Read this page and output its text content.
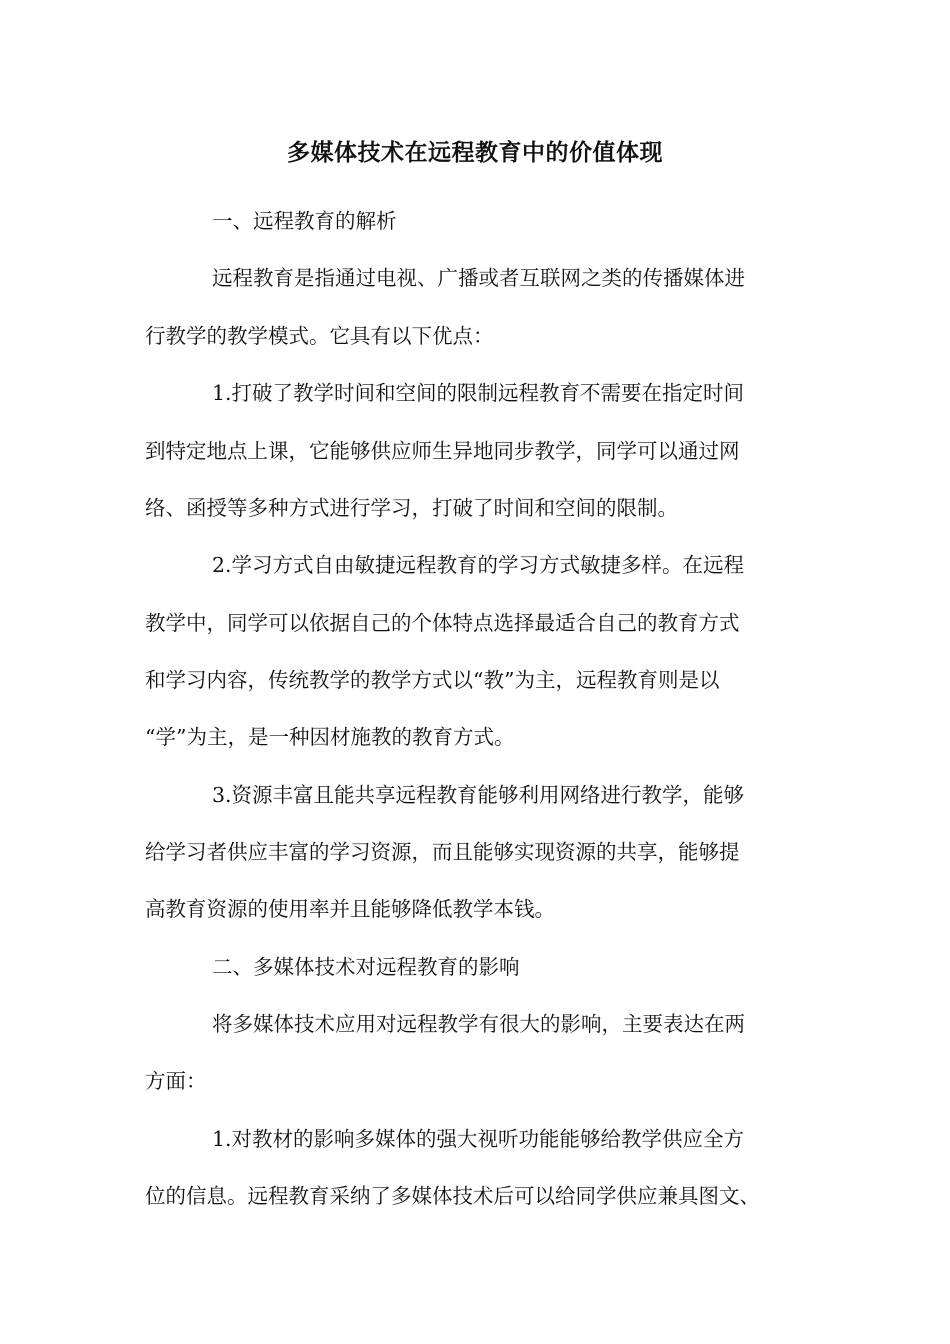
多媒体技术在远程教育中的价值体现
一、远程教育的解析
远程教育是指通过电视、广播或者互联网之类的传播媒体进
行教学的教学模式。它具有以下优点：
1.打破了教学时间和空间的限制远程教育不需要在指定时间
到特定地点上课，它能够供应师生异地同步教学，同学可以通过网
络、函授等多种方式进行学习，打破了时间和空间的限制。
2.学习方式自由敏捷远程教育的学习方式敏捷多样。在远程
教学中，同学可以依据自己的个体特点选择最适合自己的教育方式
和学习内容，传统教学的教学方式以“教”为主，远程教育则是以
“学”为主，是一种因材施教的教育方式。
3.资源丰富且能共享远程教育能够利用网络进行教学，能够
给学习者供应丰富的学习资源，而且能够实现资源的共享，能够提
高教育资源的使用率并且能够降低教学本钱。
二、多媒体技术对远程教育的影响
将多媒体技术应用对远程教学有很大的影响，主要表达在两
方面：
1.对教材的影响多媒体的强大视听功能能够给教学供应全方
位的信息。远程教育采纳了多媒体技术后可以给同学供应兼具图文、
